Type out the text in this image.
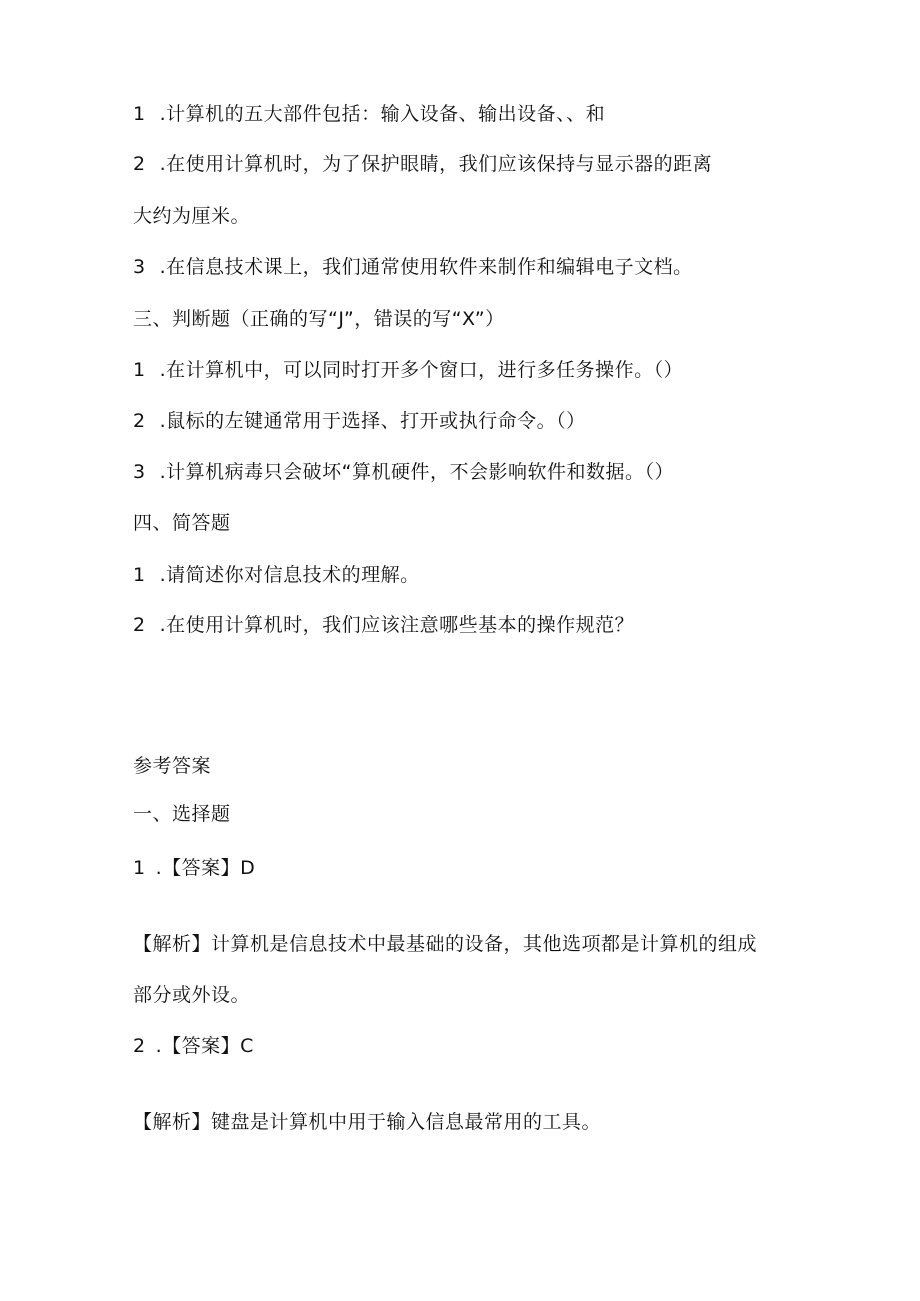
1 .计算机的五大部件包括：输入设备、输出设备、、和
2 .在使用计算机时，为了保护眼睛，我们应该保持与显示器的距离
大约为厘米。
3 .在信息技术课上，我们通常使用软件来制作和编辑电子文档。
三、判断题（正确的写“J”，错误的写“X”）
1 .在计算机中，可以同时打开多个窗口，进行多任务操作。（）
2 .鼠标的左键通常用于选择、打开或执行命令。（）
3 .计算机病毒只会破坏“算机硬件，不会影响软件和数据。（）
四、简答题
1 .请简述你对信息技术的理解。
2 .在使用计算机时，我们应该注意哪些基本的操作规范？
参考答案
一、选择题
1 .【答案】D
【解析】计算机是信息技术中最基础的设备，其他选项都是计算机的组成
部分或外设。
2 .【答案】C
【解析】键盘是计算机中用于输入信息最常用的工具。
